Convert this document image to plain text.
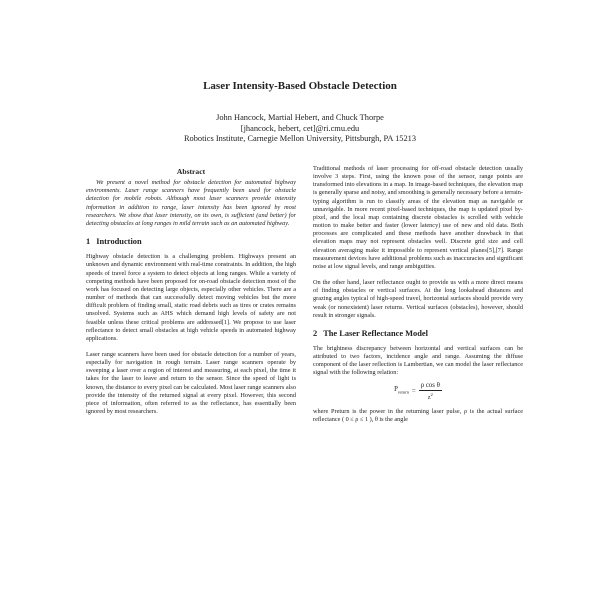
Laser Intensity-Based Obstacle Detection
John Hancock, Martial Hebert, and Chuck Thorpe
[jhancock, hebert, cet]@ri.cmu.edu
Robotics Institute, Carnegie Mellon University, Pittsburgh, PA 15213
Abstract

We present a novel method for obstacle detection for automated highway environments. Laser range scanners have frequently been used for obstacle detection for mobile robots. Although most laser scanners provide intensity information in addition to range, laser intensity has been ignored by most researchers. We show that laser intensity, on its own, is sufficient (and better) for detecting obstacles at long ranges in mild terrain such as an automated highway.

1 Introduction

Highway obstacle detection is a challenging problem. Highways present an unknown and dynamic environment with real-time constraints. In addition, the high speeds of travel force a system to detect objects at long ranges. While a variety of competing methods have been proposed for on-road obstacle detection most of the work has focused on detecting large objects, especially other vehicles. There are a number of methods that can successfully detect moving vehicles but the more difficult problem of finding small, static road debris such as tires or crates remains unsolved. Systems such as AHS which demand high levels of safety are not feasible unless these critical problems are addressed[1]. We propose to use laser reflectance to detect small obstacles at high vehicle speeds in automated highway applications.

Laser range scanners have been used for obstacle detection for a number of years, especially for navigation in rough terrain. Laser range scanners operate by sweeping a laser over a region of interest and measuring, at each pixel, the time it takes for the laser to leave and return to the sensor. Since the speed of light is known, the distance to every pixel can be calculated. Most laser range scanners also provide the intensity of the returned signal at every pixel. However, this second piece of information, often referred to as the reflectance, has essentially been ignored by most researchers.

Traditional methods of laser processing for off-road obstacle detection usually involve 3 steps. First, using the known pose of the sensor, range points are transformed into elevations in a map. In image-based techniques, the elevation map is generally sparse and noisy, and smoothing is generally necessary before a terrain-typing algorithm is run to classify areas of the elevation map as navigable or unnavigable. In more recent pixel-based techniques, the map is updated pixel by-pixel, and the local map containing discrete obstacles is scrolled with vehicle motion to make better and faster (lower latency) use of new and old data. Both processes are complicated and these methods have another drawback in that elevation maps may not represent obstacles well. Discrete grid size and cell elevation averaging make it impossible to represent vertical planes[5],[7]. Range measurement devices have additional problems such as inaccuracies and significant noise at low signal levels, and range ambiguities.

On the other hand, laser reflectance ought to provide us with a more direct means of finding obstacles or vertical surfaces. At the long lookahead distances and grazing angles typical of high-speed travel, horizontal surfaces should provide very weak (or nonexistent) laser returns. Vertical surfaces (obstacles), however, should result in stronger signals.

2 The Laser Reflectance Model

The brightness discrepancy between horizontal and vertical surfaces can be attributed to two factors, incidence angle and range. Assuming the diffuse component of the laser reflection is Lambertian, we can model the laser reflectance signal with the following relation:

$P_{return} = \frac{\text{ρ cos θ}}{z^2}$

where Preturn is the power in the returning laser pulse, ρ is the actual surface reflectance ( 0 ≤ ρ ≤ 1 ), θ is the angle
